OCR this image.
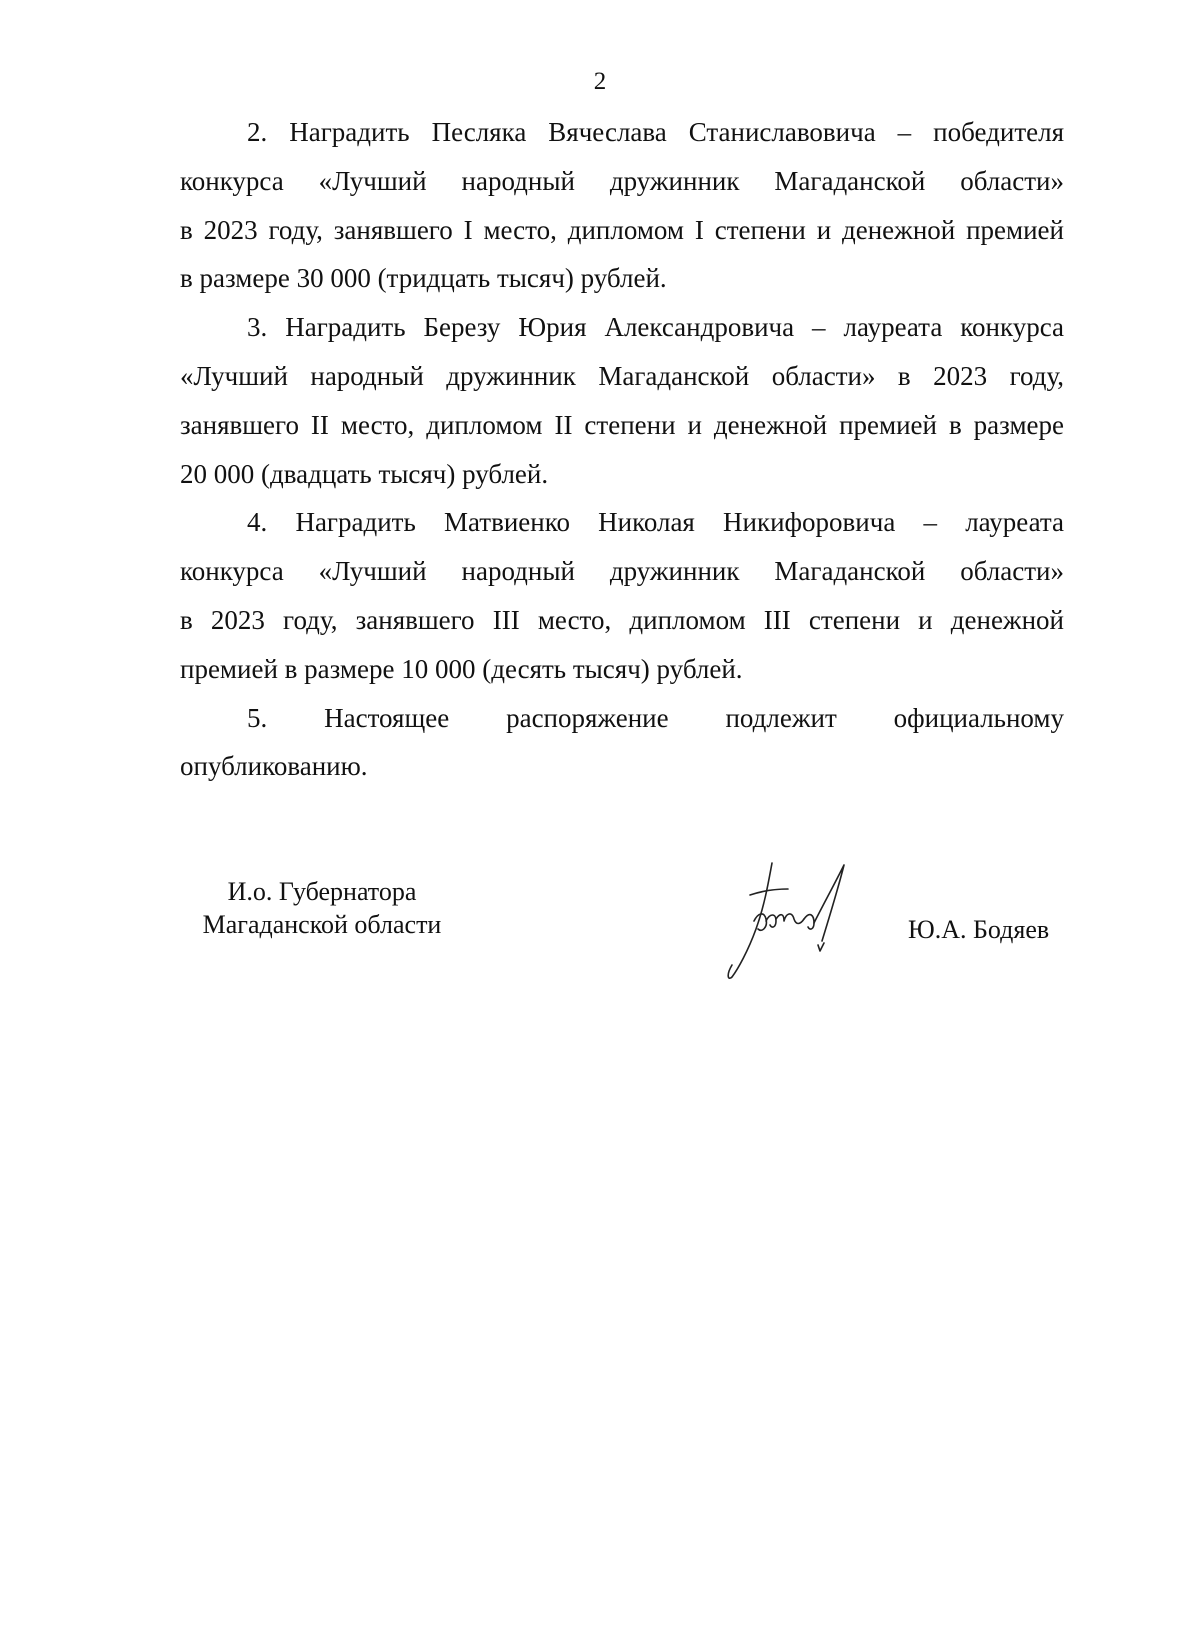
2

2. Наградить Песляка Вячеслава Станиславовича – победителя
конкурса «Лучший народный дружинник Магаданской области»
в 2023 году, занявшего I место, дипломом I степени и денежной премией
в размере 30 000 (тридцать тысяч) рублей.

3. Наградить Березу Юрия Александровича – лауреата конкурса
«Лучший народный дружинник Магаданской области» в 2023 году,
занявшего II место, дипломом II степени и денежной премией в размере
20 000 (двадцать тысяч) рублей.

4. Наградить Матвиенко Николая Никифоровича – лауреата
конкурса «Лучший народный дружинник Магаданской области»
в 2023 году, занявшего III место, дипломом III степени и денежной
премией в размере 10 000 (десять тысяч) рублей.

5. Настоящее распоряжение подлежит официальному
опубликованию.

И.о. Губернатора
Магаданской области	Ю.А. Бодяев
